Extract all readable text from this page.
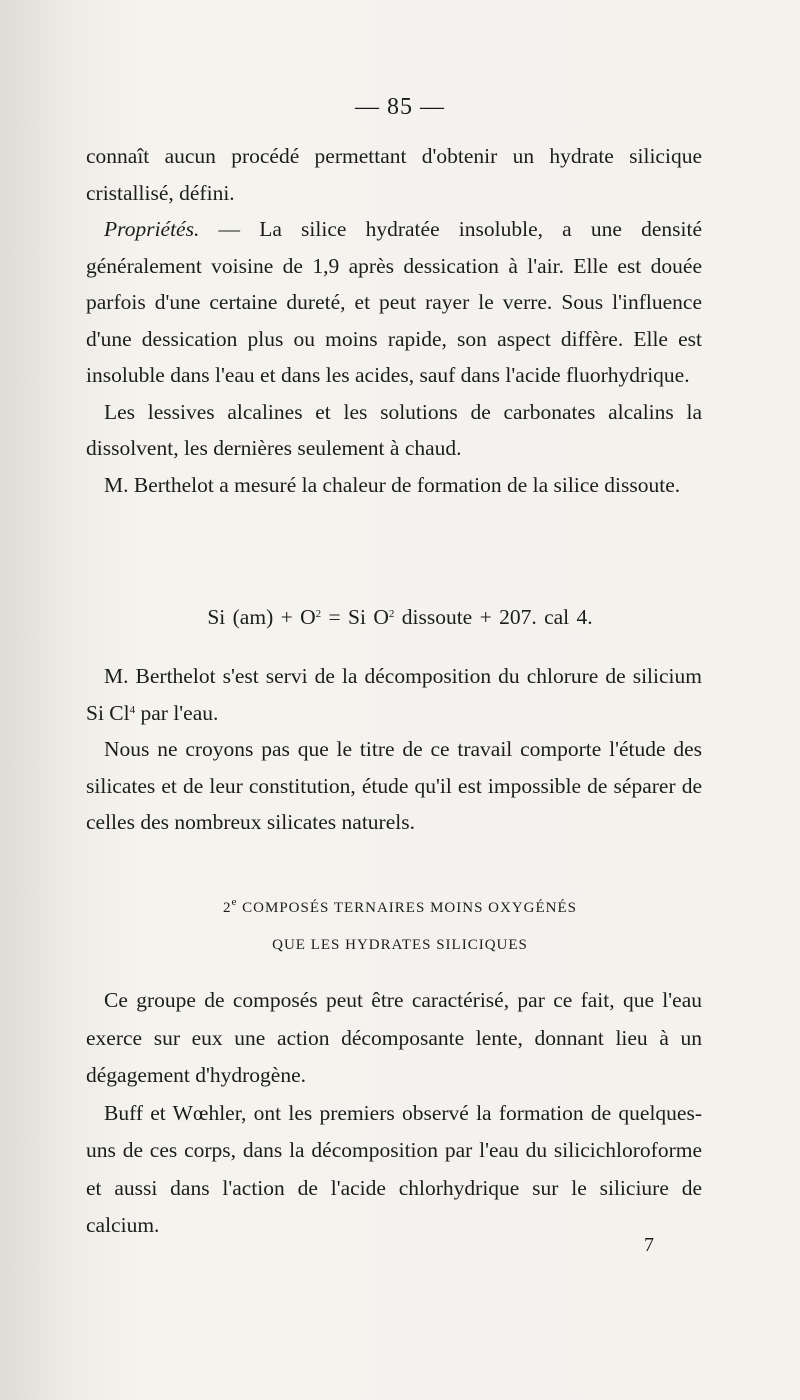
— 85 —

connaît aucun procédé permettant d'obtenir un hydrate silicique cristallisé, défini.

Propriétés. — La silice hydratée insoluble, a une densité généralement voisine de 1,9 après dessication à l'air. Elle est douée parfois d'une certaine dureté, et peut rayer le verre. Sous l'influence d'une dessication plus ou moins rapide, son aspect diffère. Elle est insoluble dans l'eau et dans les acides, sauf dans l'acide fluorhydrique.

Les lessives alcalines et les solutions de carbonates alcalins la dissolvent, les dernières seulement à chaud.

M. Berthelot a mesuré la chaleur de formation de la silice dissoute.

Si $(am) + O^2 = Si$ $O^2$ dissoute + 207. cal 4.

M. Berthelot s'est servi de la décomposition du chlorure de silicium Si Cl$^4$ par l'eau.

Nous ne croyons pas que le titre de ce travail comporte l'étude des silicates et de leur constitution, étude qu'il est impossible de séparer de celles des nombreux silicates naturels.

2e COMPOSÉS TERNAIRES MOINS OXYGÉNÉS
QUE LES HYDRATES SILICIQUES

Ce groupe de composés peut être caractérisé, par ce fait, que l'eau exerce sur eux une action décomposante lente, donnant lieu à un dégagement d'hydrogène.

Buff et Wœhler, ont les premiers observé la formation de quelques-uns de ces corps, dans la décomposition par l'eau du silicichloroforme et aussi dans l'action de l'acide chlorhydrique sur le siliciure de calcium.

7
